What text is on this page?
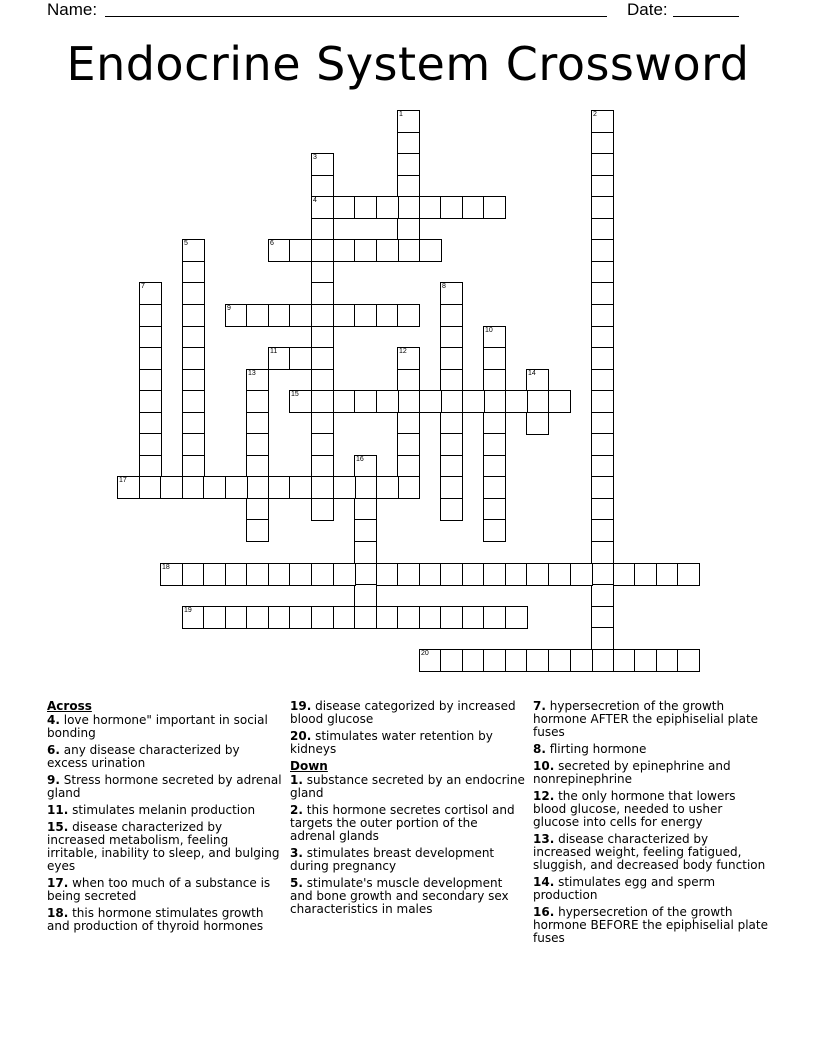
Name:	Date:
Endocrine System Crossword
1	2
3
4
5	6
7	8
9
10
11	12
13	14
15
16
17
18
19
20
Across
4. love hormone" important in social bonding
6. any disease characterized by excess urination
9. Stress hormone secreted by adrenal gland
11. stimulates melanin production
15. disease characterized by increased metabolism, feeling irritable, inability to sleep, and bulging eyes
17. when too much of a substance is being secreted
18. this hormone stimulates growth and production of thyroid hormones
19. disease categorized by increased blood glucose
20. stimulates water retention by kidneys
Down
1. substance secreted by an endocrine gland
2. this hormone secretes cortisol and targets the outer portion of the adrenal glands
3. stimulates breast development during pregnancy
5. stimulate's muscle development and bone growth and secondary sex characteristics in males
7. hypersecretion of the growth hormone AFTER the epiphiselial plate fuses
8. flirting hormone
10. secreted by epinephrine and nonrepinephrine
12. the only hormone that lowers blood glucose, needed to usher glucose into cells for energy
13. disease characterized by increased weight, feeling fatigued, sluggish, and decreased body function
14. stimulates egg and sperm production
16. hypersecretion of the growth hormone BEFORE the epiphiselial plate fuses
